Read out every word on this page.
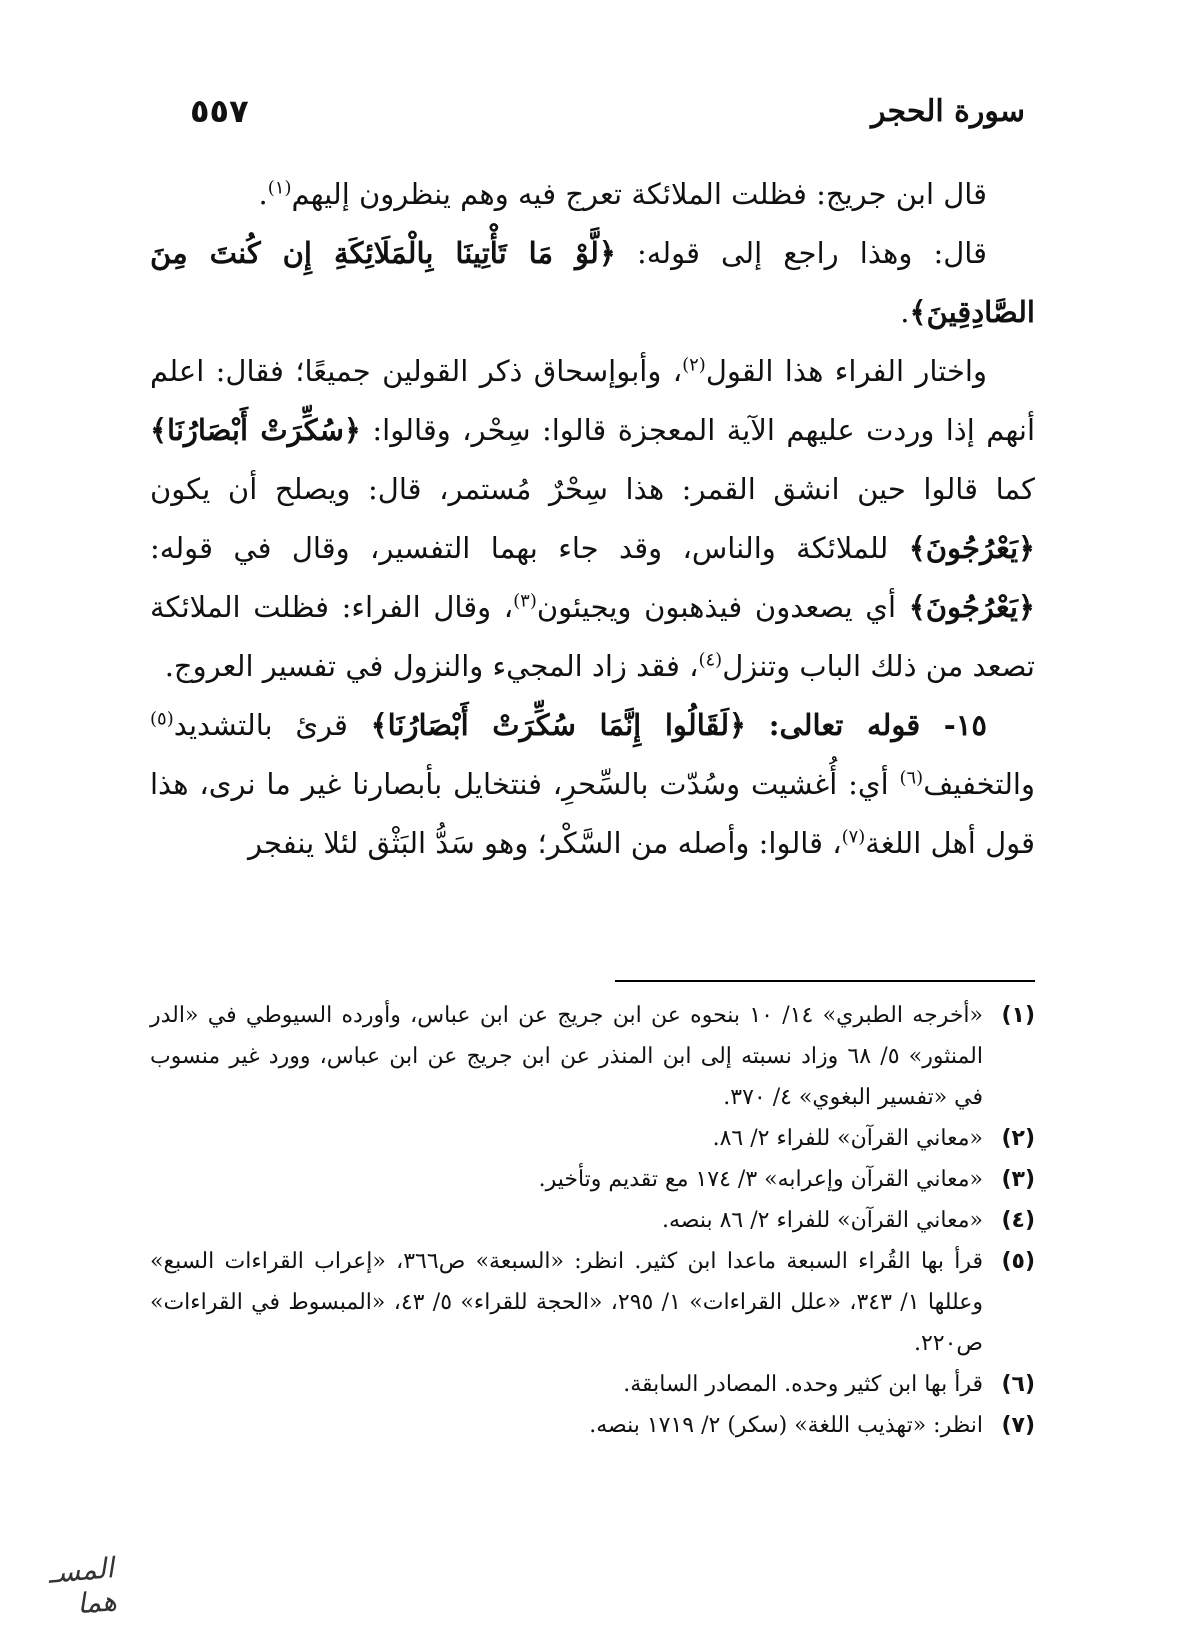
سورة الحجر
٥٥٧

قال ابن جريج: فظلت الملائكة تعرج فيه وهم ينظرون إليهم$^{(١)}$.

قال: وهذا راجع إلى قوله: ﴿لَّوْ مَا تَأْتِينَا بِالْمَلَائِكَةِ إِن كُنتَ مِنَ الصَّادِقِينَ﴾.

واختار الفراء هذا القول$^{(٢)}$، وأبوإسحاق ذكر القولين جميعًا؛ فقال: اعلم أنهم إذا وردت عليهم الآية المعجزة قالوا: سِحْر، وقالوا: ﴿سُكِّرَتْ أَبْصَارُنَا﴾ كما قالوا حين انشق القمر: هذا سِحْرٌ مُستمر، قال: ويصلح أن يكون ﴿يَعْرُجُونَ﴾ للملائكة والناس، وقد جاء بهما التفسير، وقال في قوله: ﴿يَعْرُجُونَ﴾ أي يصعدون فيذهبون ويجيئون$^{(٣)}$، وقال الفراء: فظلت الملائكة تصعد من ذلك الباب وتنزل$^{(٤)}$، فقد زاد المجيء والنزول في تفسير العروج.

١٥- قوله تعالى: ﴿لَقَالُوا إِنَّمَا سُكِّرَتْ أَبْصَارُنَا﴾ قرئ بالتشديد$^{(٥)}$ والتخفيف$^{(٦)}$ أي: أُغشيت وسُدّت بالسِّحرِ، فنتخايل بأبصارنا غير ما نرى، هذا قول أهل اللغة$^{(٧)}$، قالوا: وأصله من السَّكْر؛ وهو سَدُّ البَثْق لئلا ينفجر

(١)
«أخرجه الطبري» ١٤/ ١٠ بنحوه عن ابن جريج عن ابن عباس، وأورده السيوطي في «الدر المنثور» ٥/ ٦٨ وزاد نسبته إلى ابن المنذر عن ابن جريج عن ابن عباس، وورد غير منسوب في «تفسير البغوي» ٤/ ٣٧٠.
(٢)
«معاني القرآن» للفراء ٢/ ٨٦.
(٣)
«معاني القرآن وإعرابه» ٣/ ١٧٤ مع تقديم وتأخير.
(٤)
«معاني القرآن» للفراء ٢/ ٨٦ بنصه.
(٥)
قرأ بها القُراء السبعة ماعدا ابن كثير. انظر: «السبعة» ص٣٦٦، «إعراب القراءات السبع» وعللها ١/ ٣٤٣، «علل القراءات» ١/ ٢٩٥، «الحجة للقراء» ٥/ ٤٣، «المبسوط في القراءات» ص٢٢٠.
(٦)
قرأ بها ابن كثير وحده. المصادر السابقة.
(٧)
انظر: «تهذيب اللغة» (سكر) ٢/ ١٧١٩ بنصه.
المسـ هما
